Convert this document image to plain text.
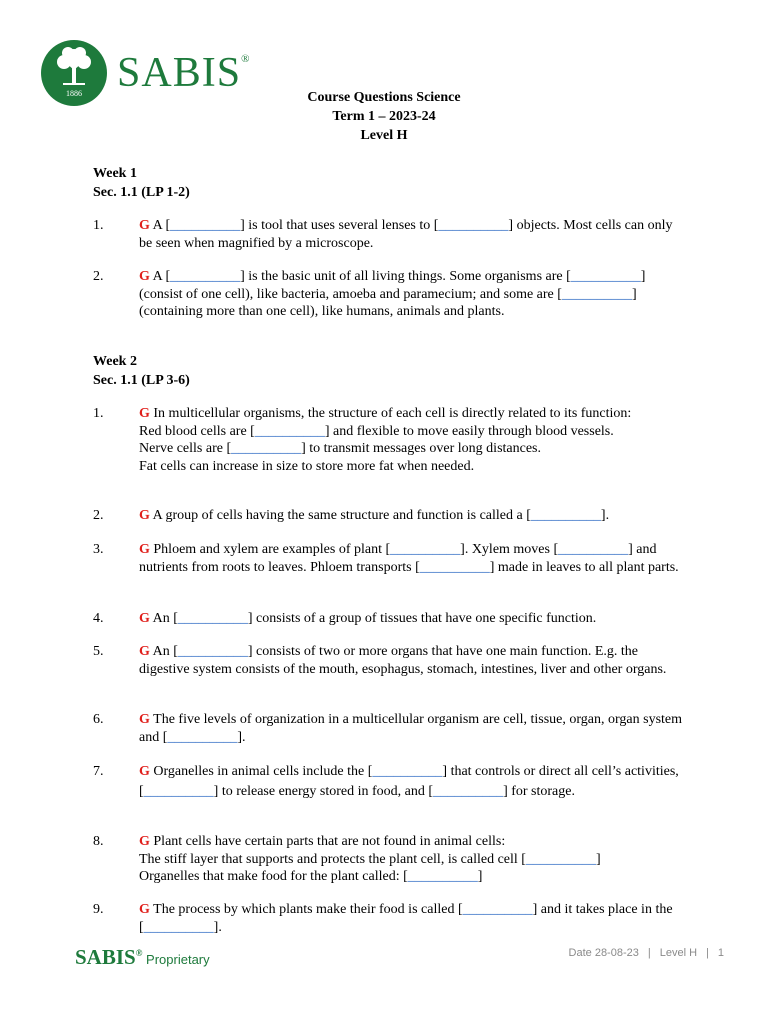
1886 SABIS®
Course Questions Science
Term 1 – 2023-24
Level H
Week 1
Sec. 1.1 (LP 1-2)
1.	G A [__________] is tool that uses several lenses to [__________] objects. Most cells can only be seen when magnified by a microscope.
2.	G A [__________] is the basic unit of all living things. Some organisms are [__________] (consist of one cell), like bacteria, amoeba and paramecium; and some are [__________] (containing more than one cell), like humans, animals and plants.
Week 2
Sec. 1.1 (LP 3-6)
1.	G In multicellular organisms, the structure of each cell is directly related to its function:
Red blood cells are [__________] and flexible to move easily through blood vessels.
Nerve cells are [__________] to transmit messages over long distances.
Fat cells can increase in size to store more fat when needed.
2.	G A group of cells having the same structure and function is called a [__________].
3.	G Phloem and xylem are examples of plant [__________]. Xylem moves [__________] and nutrients from roots to leaves. Phloem transports [__________] made in leaves to all plant parts.
4.	G An [__________] consists of a group of tissues that have one specific function.
5.	G An [__________] consists of two or more organs that have one main function. E.g. the digestive system consists of the mouth, esophagus, stomach, intestines, liver and other organs.
6.	G The five levels of organization in a multicellular organism are cell, tissue, organ, organ system and [__________].
7.	G Organelles in animal cells include the [__________] that controls or direct all cell’s activities, [__________] to release energy stored in food, and [__________] for storage.
8.	G Plant cells have certain parts that are not found in animal cells:
The stiff layer that supports and protects the plant cell, is called cell [__________]
Organelles that make food for the plant called: [__________]
9.	G The process by which plants make their food is called [__________] and it takes place in the [__________].
SABIS® Proprietary	Date 28-08-23 | Level H | 1
